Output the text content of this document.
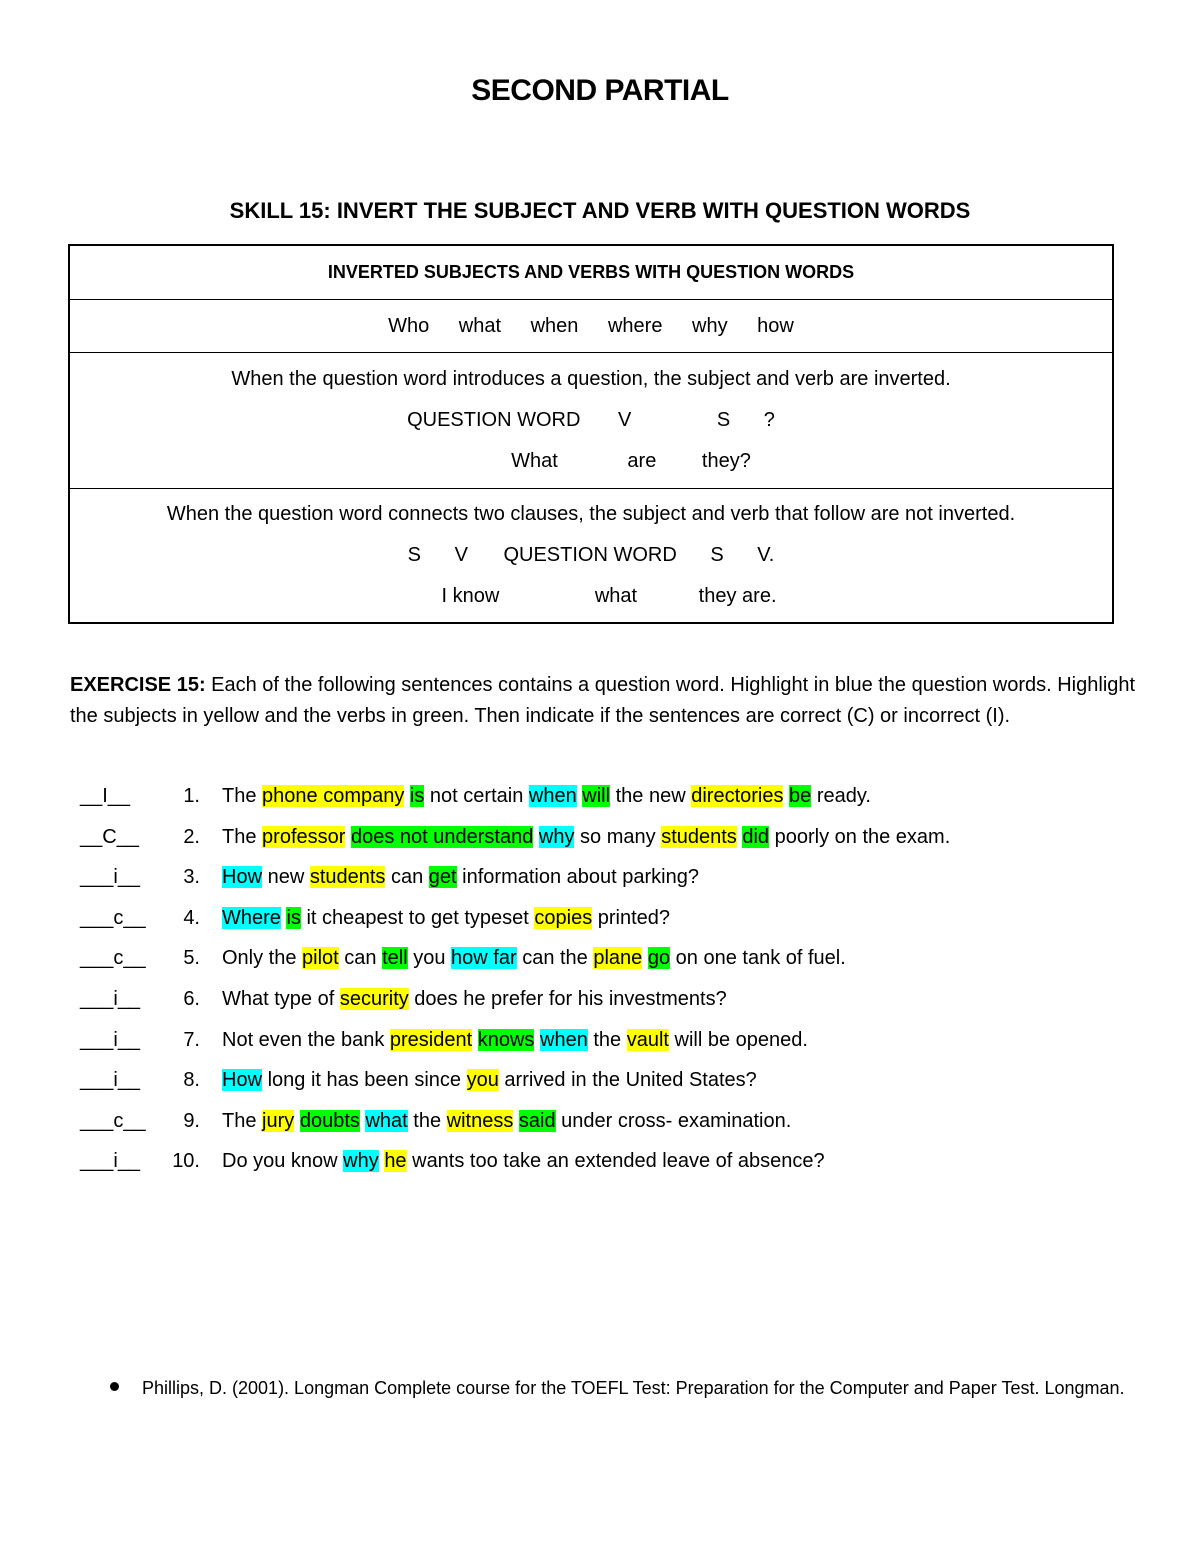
SECOND PARTIAL
SKILL 15: INVERT THE SUBJECT AND VERB WITH QUESTION WORDS
INVERTED SUBJECTS AND VERBS WITH QUESTION WORDS

Who what when where why how

When the question word introduces a question, the subject and verb are inverted.
QUESTION WORD V	S ?
What	are they?

When the question word connects two clauses, the subject and verb that follow are not inverted.
S V QUESTION WORD S V.
I know	what	they are.
EXERCISE 15: Each of the following sentences contains a question word. Highlight in blue the question words. Highlight the subjects in yellow and the verbs in green. Then indicate if the sentences are correct (C) or incorrect (I).
__I__	1. The phone company is not certain when will the new directories be ready.
__C__	2. The professor does not understand why so many students did poorly on the exam.
___i__	3. How new students can get information about parking?
___c__	4. Where is it cheapest to get typeset copies printed?
___c__	5. Only the pilot can tell you how far can the plane go on one tank of fuel.
___i__	6. What type of security does he prefer for his investments?
___i__	7. Not even the bank president knows when the vault will be opened.
___i__	8. How long it has been since you arrived in the United States?
___c__	9. The jury doubts what the witness said under cross- examination.
___i__	10. Do you know why he wants too take an extended leave of absence?
Phillips, D. (2001). Longman Complete course for the TOEFL Test: Preparation for the Computer and Paper Test. Longman.
